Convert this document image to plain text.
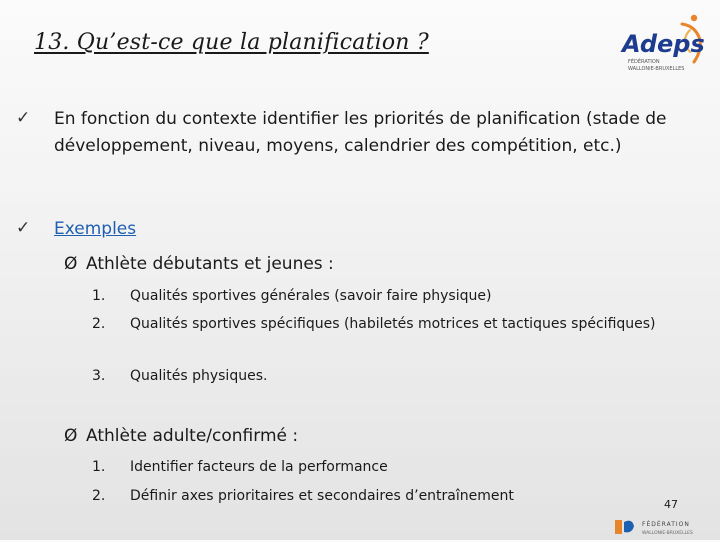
13. Qu’est-ce que la planification ?	Adeps
FÉDÉRATION
WALLONIE-BRUXELLES
✓ En fonction du contexte identifier les priorités de planification (stade de développement, niveau, moyens, calendrier des compétition, etc.)
✓ Exemples
Ø Athlète débutants et jeunes :
1. Qualités sportives générales (savoir faire physique)
2. Qualités sportives spécifiques (habiletés motrices et tactiques spécifiques)
3. Qualités physiques.
Ø Athlète adulte/confirmé :
1. Identifier facteurs de la performance
2. Définir axes prioritaires et secondaires d’entraînement
47
FÉDÉRATION
WALLONIE-BRUXELLES
